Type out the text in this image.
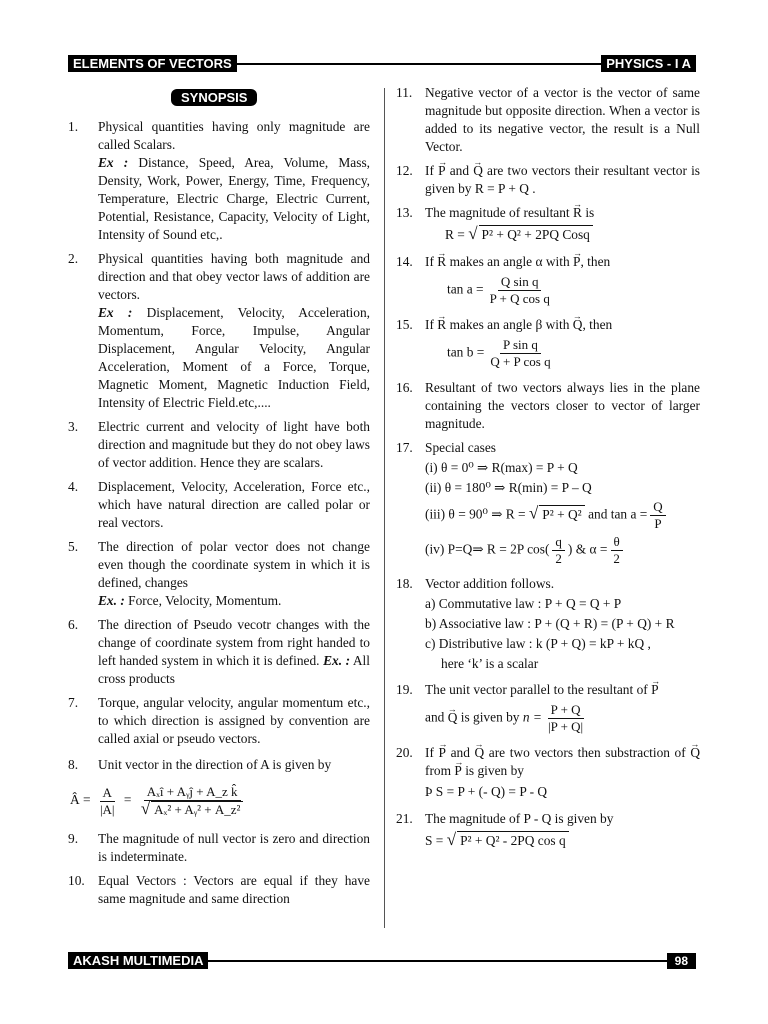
ELEMENTS OF VECTORS	PHYSICS - I A
SYNOPSIS
1.	Physical quantities having only magnitude are called Scalars.
Ex : Distance, Speed, Area, Volume, Mass, Density, Work, Power, Energy, Time, Frequency, Temperature, Electric Charge, Electric Current, Potential, Resistance, Capacity, Velocity of Light, Intensity of Sound etc,.
2.	Physical quantities having both magnitude and direction and that obey vector laws of addition are vectors.
Ex : Displacement, Velocity, Acceleration, Momentum, Force, Impulse, Angular Displacement, Angular Velocity, Angular Acceleration, Moment of a Force, Torque, Magnetic Moment, Magnetic Induction Field, Intensity of Electric Field.etc,....
3.	Electric current and velocity of light have both direction and magnitude but they do not obey laws of vector addition. Hence they are scalars.
4.	Displacement, Velocity, Acceleration, Force etc., which have natural direction are called polar or real vectors.
5.	The direction of polar vector does not change even though the coordinate system in which it is defined, changes
Ex. : Force, Velocity, Momentum.
6.	The direction of Pseudo vecotr changes with the change of coordinate system from right handed to left handed system in which it is defined. Ex. : All cross products
7.	Torque, angular velocity, angular momentum etc., to which direction is assigned by convention are called axial or pseudo vectors.
8.	Unit vector in the direction of A is given by
Â = $\frac{A}{|A|} = \frac{\text{Aₓî + Aᵧĵ + A\_z k̂}}{\text{√ Aₓ² + Aᵧ² + A\_z²}}$
9.	The magnitude of null vector is zero and direction is indeterminate.
10. Equal Vectors : Vectors are equal if they have same magnitude and same direction
11. Negative vector of a vector is the vector of same magnitude but opposite direction. When a vector is added to its negative vector, the result is a Null Vector.
12. If → P and → Q are two vectors their resultant vector is given by R = P + Q .
13. The magnitude of resultant → R is
R = √ P² + Q² + 2PQ Cosq
14. If → R makes an angle α with → P, then
$\tan a = \frac{\text{Q sin q}}{\text{P + Q cos q}}$
15. If → R makes an angle β with → Q, then
$\tan b = \frac{\text{P sin q}}{\text{Q + P cos q}}$
16. Resultant of two vectors always lies in the plane containing the vectors closer to vector of larger magnitude.
17. Special cases
(i) θ = 0⁰ ⇒ R(max) = P + Q
(ii) θ = 180⁰ ⇒ R(min) = P – Q
(iii) θ = 90⁰ ⇒ R = √ P² + Q² and $\tan a = \frac{Q}{P}$
(iv) P=Q⇒ R = 2P $\cos( \frac{q}{2}$ ) & $\alpha = \frac{\theta}{2}$
18. Vector addition follows.
a) Commutative law : P + Q = Q + P
b) Associative law : P + (Q + R) = (P + Q) + R
c) Distributive law : k (P + Q) = kP + kQ ,
here ‘k’ is a scalar
19. The unit vector parallel to the resultant of → P
and → Q is given by $n = \frac{P + Q}{|P + Q|}$
20. If → P and → Q are two vectors then substraction of → Q from → P is given by
Þ S = P + (- Q) = P - Q
21. The magnitude of P - Q is given by
S = √ P² + Q² - 2PQ cos q
AKASH MULTIMEDIA	98
